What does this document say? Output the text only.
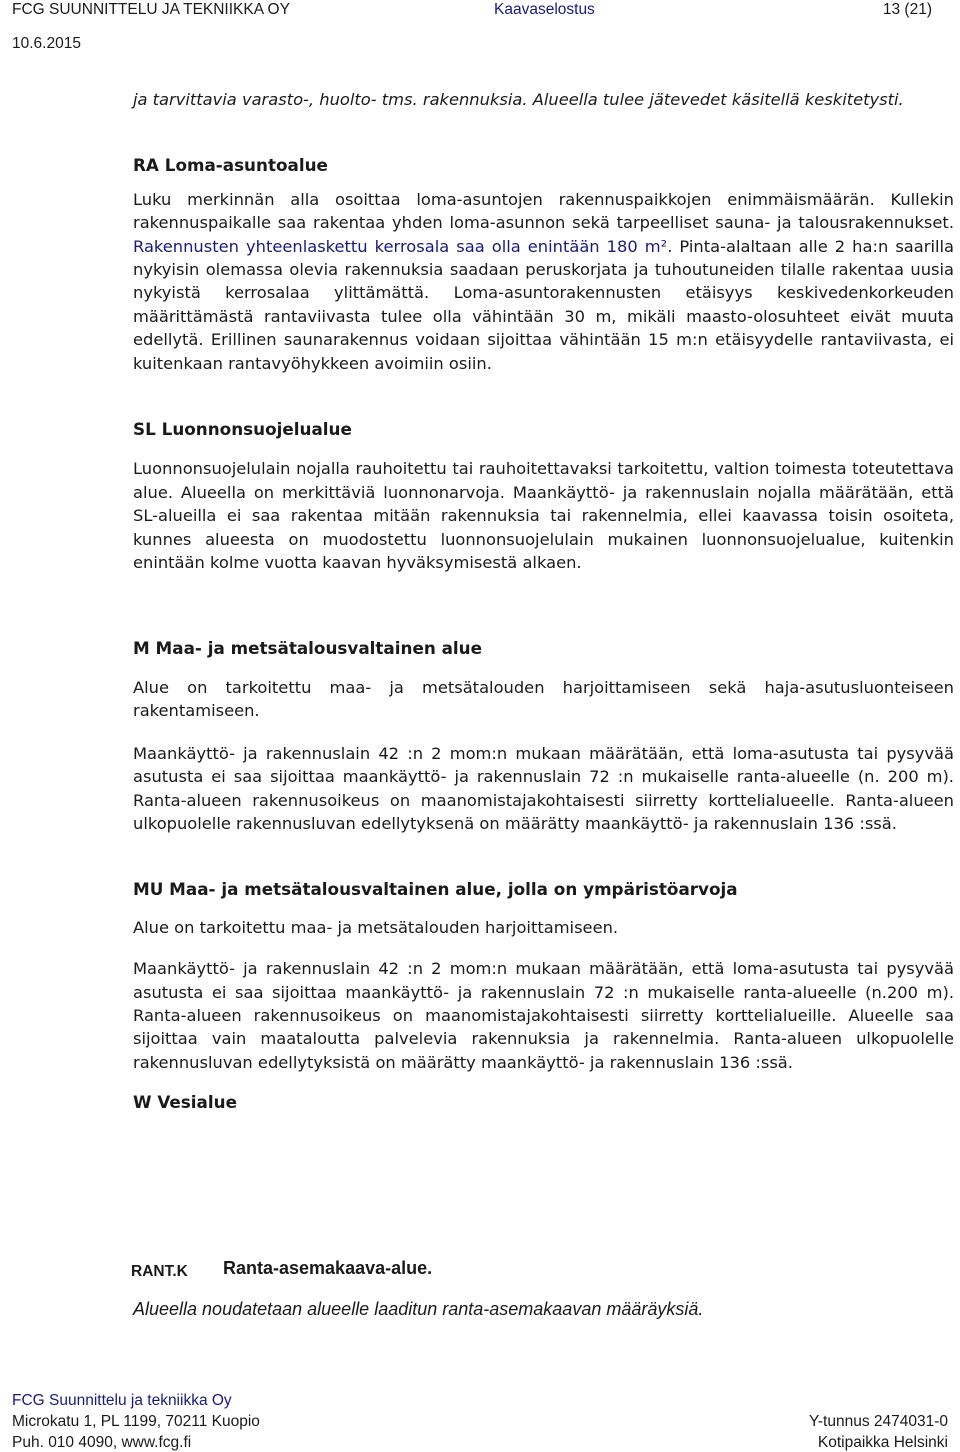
FCG SUUNNITTELU JA TEKNIIKKA OY	Kaavaselostus	13 (21)
10.6.2015

ja tarvittavia varasto-, huolto- tms. rakennuksia. Alueella tulee jätevedet käsitellä keskitetysti.

RA Loma-asuntoalue

Luku merkinnän alla osoittaa loma-asuntojen rakennuspaikkojen enimmäismäärän. Kullekin rakennuspaikalle saa rakentaa yhden loma-asunnon sekä tarpeelliset sauna- ja talousrakennukset. Rakennusten yhteenlaskettu kerrosala saa olla enintään 180 m². Pinta-alaltaan alle 2 ha:n saarilla nykyisin olemassa olevia rakennuksia saadaan peruskorjata ja tuhoutuneiden tilalle rakentaa uusia nykyistä kerrosalaa ylittämättä. Loma-asuntorakennusten etäisyys keskivedenkorkeuden määrittämästä rantaviivasta tulee olla vähintään 30 m, mikäli maasto-olosuhteet eivät muuta edellytä. Erillinen saunarakennus voidaan sijoittaa vähintään 15 m:n etäisyydelle rantaviivasta, ei kuitenkaan rantavyöhykkeen avoimiin osiin.

SL Luonnonsuojelualue

Luonnonsuojelulain nojalla rauhoitettu tai rauhoitettavaksi tarkoitettu, valtion toimesta toteutettava alue. Alueella on merkittäviä luonnonarvoja. Maankäyttö- ja rakennuslain nojalla määrätään, että SL-alueilla ei saa rakentaa mitään rakennuksia tai rakennelmia, ellei kaavassa toisin osoiteta, kunnes alueesta on muodostettu luonnonsuojelulain mukainen luonnonsuojelualue, kuitenkin enintään kolme vuotta kaavan hyväksymisestä alkaen.

M Maa- ja metsätalousvaltainen alue

Alue on tarkoitettu maa- ja metsätalouden harjoittamiseen sekä haja-asutusluonteiseen rakentamiseen.

Maankäyttö- ja rakennuslain 42 :n 2 mom:n mukaan määrätään, että loma-asutusta tai pysyvää asutusta ei saa sijoittaa maankäyttö- ja rakennuslain 72 :n mukaiselle ranta-alueelle (n. 200 m). Ranta-alueen rakennusoikeus on maanomistajakohtaisesti siirretty korttelialueelle. Ranta-alueen ulkopuolelle rakennusluvan edellytyksenä on määrätty maankäyttö- ja rakennuslain 136 :ssä.

MU Maa- ja metsätalousvaltainen alue, jolla on ympäristöarvoja

Alue on tarkoitettu maa- ja metsätalouden harjoittamiseen.

Maankäyttö- ja rakennuslain 42 :n 2 mom:n mukaan määrätään, että loma-asutusta tai pysyvää asutusta ei saa sijoittaa maankäyttö- ja rakennuslain 72 :n mukaiselle ranta-alueelle (n.200 m). Ranta-alueen rakennusoikeus on maanomistajakohtaisesti siirretty korttelialueille. Alueelle saa sijoittaa vain maataloutta palvelevia rakennuksia ja rakennelmia. Ranta-alueen ulkopuolelle rakennusluvan edellytyksistä on määrätty maankäyttö- ja rakennuslain 136 :ssä.

W Vesialue

RANT.K Ranta-asemakaava-alue.
Alueella noudatetaan alueelle laaditun ranta-asemakaavan määräyksiä.
FCG Suunnittelu ja tekniikka Oy
Microkatu 1, PL 1199, 70211 Kuopio
Puh. 010 4090, www.fcg.fi
Y-tunnus 2474031-0
Kotipaikka Helsinki
